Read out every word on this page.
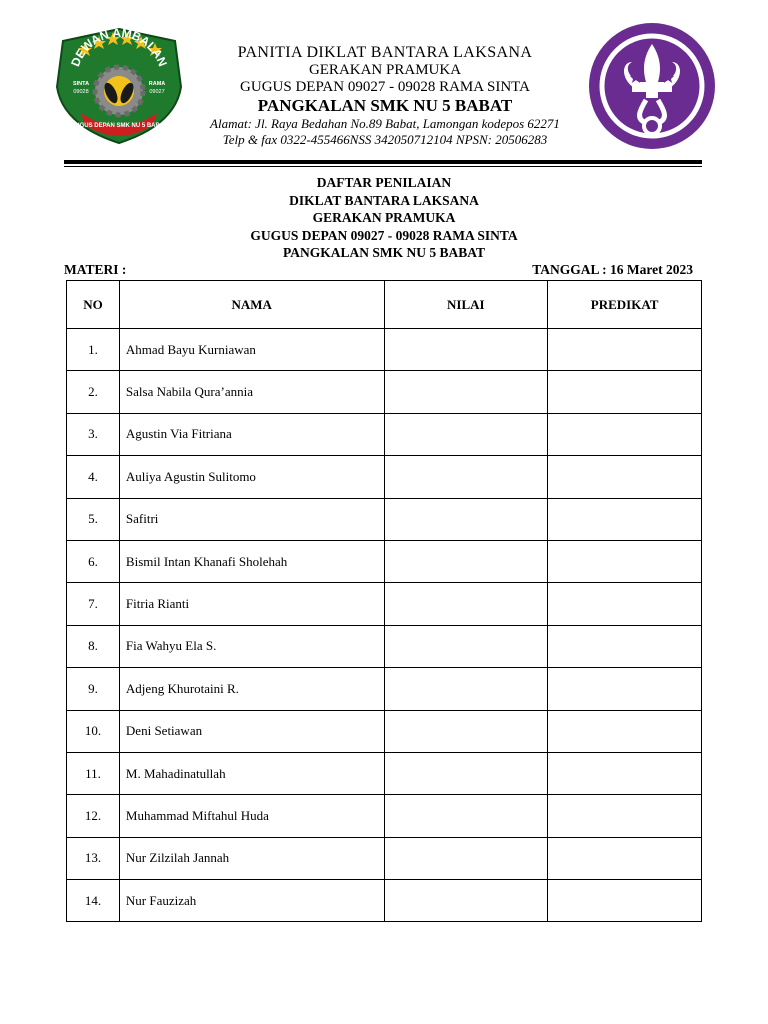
DEWAN AMBALAN
RAMA
09027
SINTA
09028
GUGUS DEPAN SMK NU 5 BABAT
PANITIA DIKLAT BANTARA LAKSANA
GERAKAN PRAMUKA
GUGUS DEPAN 09027 - 09028 RAMA SINTA
PANGKALAN SMK NU 5 BABAT
Alamat: Jl. Raya Bedahan No.89 Babat, Lamongan kodepos 62271
Telp & fax 0322-455466NSS 342050712104 NPSN: 20506283
DAFTAR PENILAIAN
DIKLAT BANTARA LAKSANA
GERAKAN PRAMUKA
GUGUS DEPAN 09027 - 09028 RAMA SINTA
PANGKALAN SMK NU 5 BABAT
MATERI :	TANGGAL : 16 Maret 2023
NO	NAMA	NILAI	PREDIKAT
1.	Ahmad Bayu Kurniawan		
2.	Salsa Nabila Qura’annia		
3.	Agustin Via Fitriana		
4.	Auliya Agustin Sulitomo		
5.	Safitri		
6.	Bismil Intan Khanafi Sholehah		
7.	Fitria Rianti		
8.	Fia Wahyu Ela S.		
9.	Adjeng Khurotaini R.		
10.	Deni Setiawan		
11.	M. Mahadinatullah		
12.	Muhammad Miftahul Huda		
13.	Nur Zilzilah Jannah		
14.	Nur Fauzizah		
